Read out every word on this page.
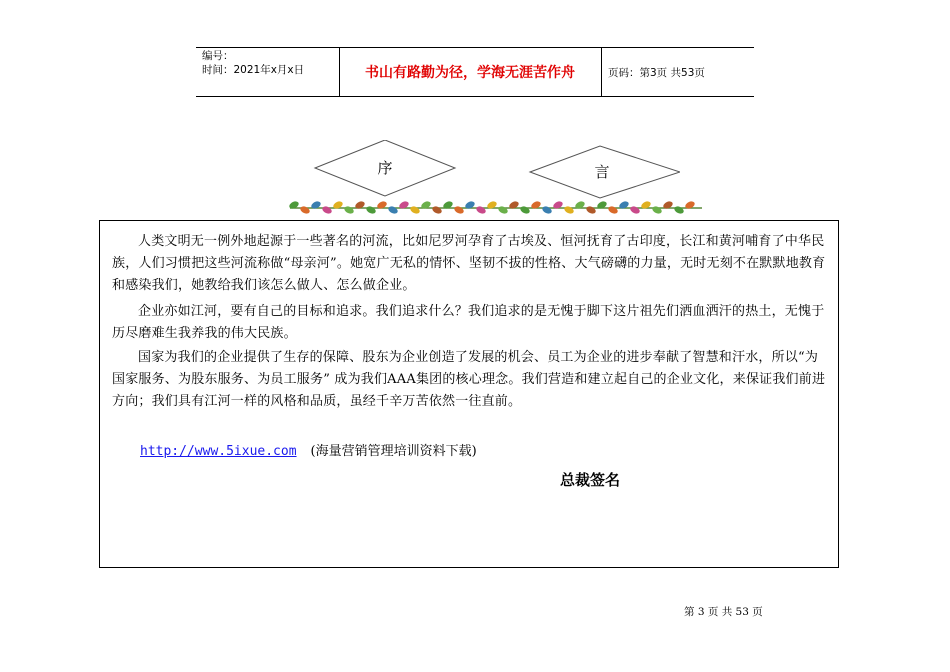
编号：
时间：2021年x月x日	书山有路勤为径，学海无涯苦作舟	页码：第3页 共53页
序	言

人类文明无一例外地起源于一些著名的河流，比如尼罗河孕育了古埃及、恒河抚育了古印度，长江和黄河哺育了中华民族，人们习惯把这些河流称做“母亲河”。她宽广无私的情怀、坚韧不拔的性格、大气磅礴的力量，无时无刻不在默默地教育和感染我们，她教给我们该怎么做人、怎么做企业。

企业亦如江河，要有自己的目标和追求。我们追求什么？我们追求的是无愧于脚下这片祖先们洒血洒汗的热土，无愧于历尽磨难生我养我的伟大民族。

国家为我们的企业提供了生存的保障、股东为企业创造了发展的机会、员工为企业的进步奉献了智慧和汗水，所以“为国家服务、为股东服务、为员工服务” 成为我们AAA集团的核心理念。我们营造和建立起自己的企业文化，来保证我们前进方向；我们具有江河一样的风格和品质，虽经千辛万苦依然一往直前。

http://www.5ixue.com (海量营销管理培训资料下载)
总裁签名
第 3 页 共 53 页
